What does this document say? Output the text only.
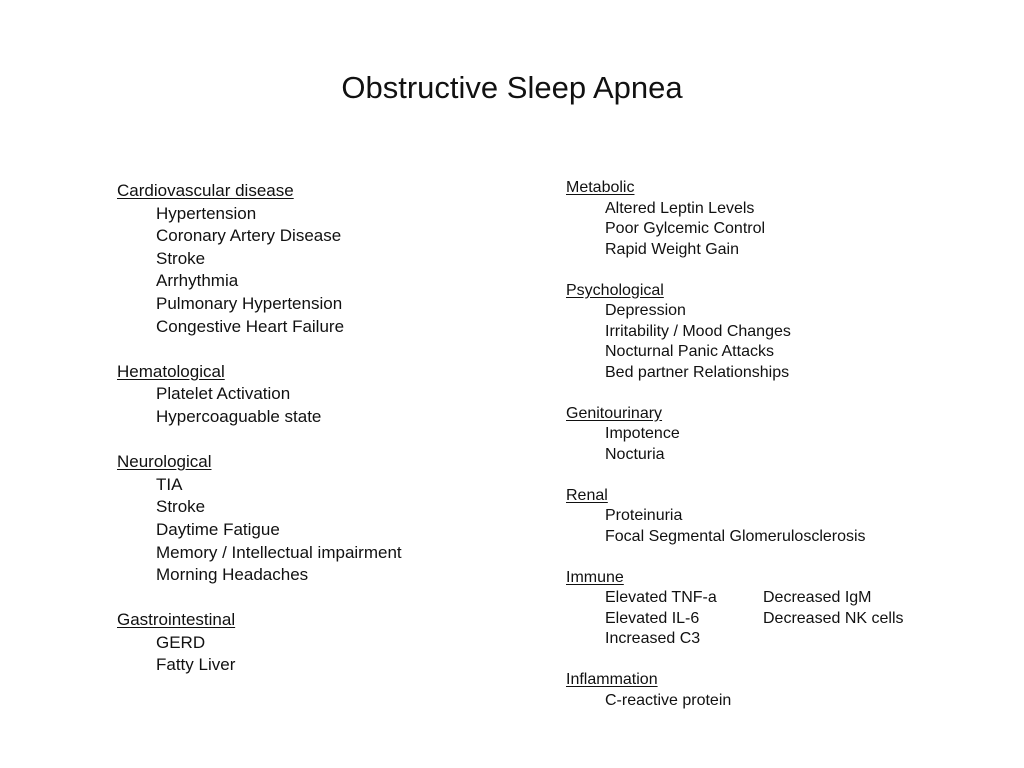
Obstructive Sleep Apnea
Cardiovascular disease
Hypertension
Coronary Artery Disease
Stroke
Arrhythmia
Pulmonary Hypertension
Congestive Heart Failure
Hematological
Platelet Activation
Hypercoaguable state
Neurological
TIA
Stroke
Daytime Fatigue
Memory / Intellectual impairment
Morning Headaches
Gastrointestinal
GERD
Fatty Liver
Metabolic
Altered Leptin Levels
Poor Gylcemic Control
Rapid Weight Gain
Psychological
Depression
Irritability / Mood Changes
Nocturnal Panic Attacks
Bed partner Relationships
Genitourinary
Impotence
Nocturia
Renal
Proteinuria
Focal Segmental Glomerulosclerosis
Immune
Elevated TNF-a	Decreased IgM
Elevated IL-6	Decreased NK cells
Increased C3
Inflammation
C-reactive protein
